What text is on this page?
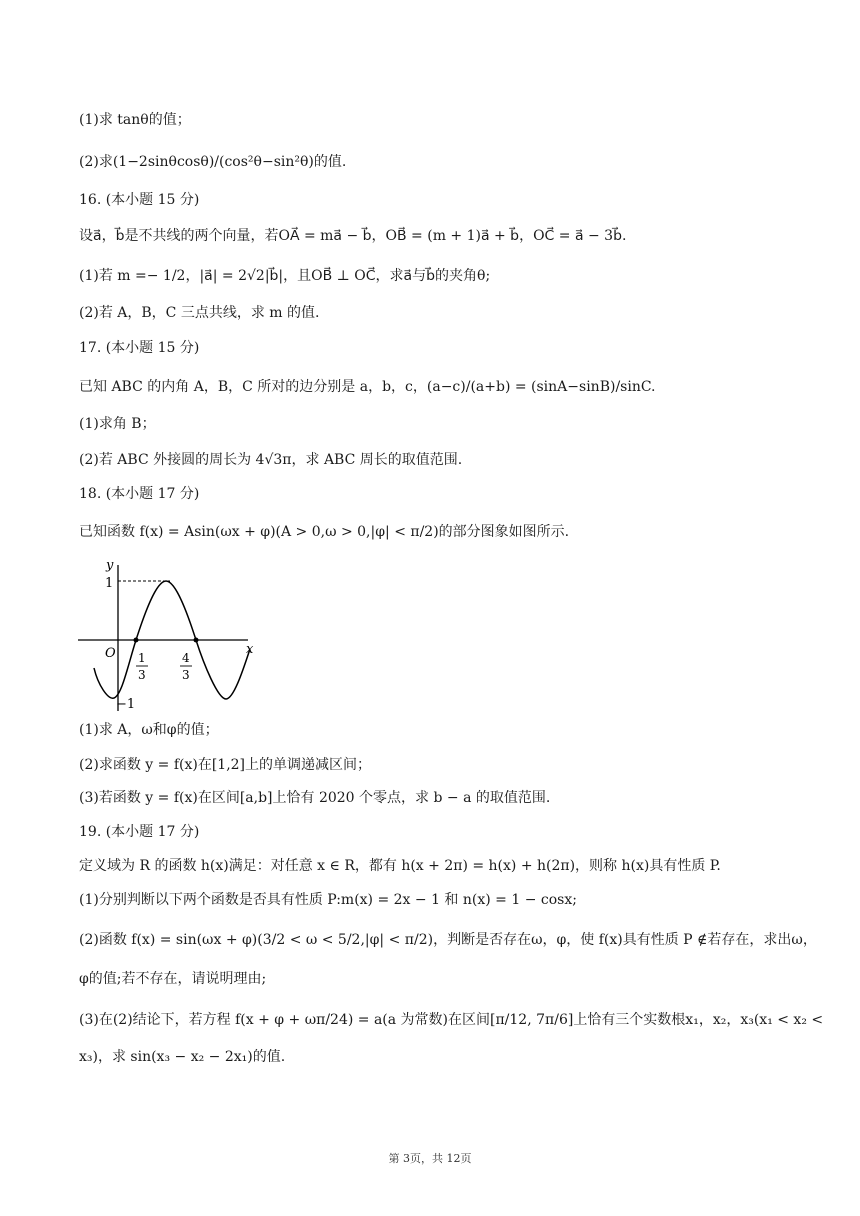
(1)求 tanθ的值；
(2)求(1−2sinθcosθ)/(cos²θ−sin²θ)的值.
16. (本小题 15 分)
设a⃗，b⃗是不共线的两个向量，若OA⃗ = ma⃗ − b⃗，OB⃗ = (m + 1)a⃗ + b⃗，OC⃗ = a⃗ − 3b⃗.
(1)若 m =− 1/2，|a⃗| = 2√2|b⃗|，且OB⃗ ⊥ OC⃗，求a⃗与b⃗的夹角θ;
(2)若 A，B，C 三点共线，求 m 的值.
17. (本小题 15 分)
已知 ABC 的内角 A，B，C 所对的边分别是 a，b，c，(a−c)/(a+b) = (sinA−sinB)/sinC.
(1)求角 B；
(2)若 ABC 外接圆的周长为 4√3π，求 ABC 周长的取值范围.
18. (本小题 17 分)
已知函数 f(x) = Asin(ωx + φ)(A > 0,ω > 0,|φ| < π/2)的部分图象如图所示.
y
x
O
1
−1
1
3
4
3
(1)求 A，ω和φ的值；
(2)求函数 y = f(x)在[1,2]上的单调递减区间；
(3)若函数 y = f(x)在区间[a,b]上恰有 2020 个零点，求 b − a 的取值范围.
19. (本小题 17 分)
定义域为 R 的函数 h(x)满足：对任意 x ∈ R，都有 h(x + 2π) = h(x) + h(2π)，则称 h(x)具有性质 P.
(1)分别判断以下两个函数是否具有性质 P:m(x) = 2x − 1 和 n(x) = 1 − cosx;
(2)函数 f(x) = sin(ωx + φ)(3/2 < ω < 5/2,|φ| < π/2)，判断是否存在ω，φ，使 f(x)具有性质 P ∉若存在，求出ω，
φ的值;若不存在，请说明理由;
(3)在(2)结论下，若方程 f(x + φ + ωπ/24) = a(a 为常数)在区间[π/12, 7π/6]上恰有三个实数根x₁，x₂，x₃(x₁ < x₂ <
x₃)，求 sin(x₃ − x₂ − 2x₁)的值.
第 3页，共 12页
